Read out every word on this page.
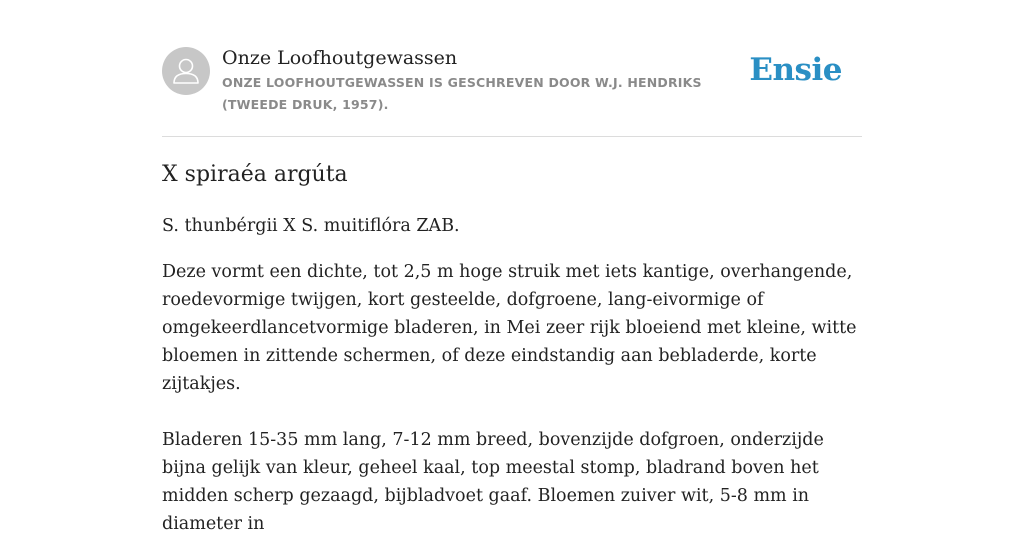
Onze Loofhoutgewassen
ONZE LOOFHOUTGEWASSEN IS GESCHREVEN DOOR W.J. HENDRIKS (TWEEDE DRUK, 1957).
Ensie
X spiraéa argúta

S. thunbérgii X S. muitiflóra ZAB.

Deze vormt een dichte, tot 2,5 m hoge struik met iets kantige, overhangende, roedevormige twijgen, kort gesteelde, dofgroene, lang-eivormige of omgekeerdlancetvormige bladeren, in Mei zeer rijk bloeiend met kleine, witte bloemen in zittende schermen, of deze eindstandig aan bebladerde, korte zijtakjes.

Bladeren 15-35 mm lang, 7-12 mm breed, bovenzijde dofgroen, onderzijde bijna gelijk van kleur, geheel kaal, top meestal stomp, bladrand boven het midden scherp gezaagd, bijbladvoet gaaf. Bloemen zuiver wit, 5-8 mm in diameter in
